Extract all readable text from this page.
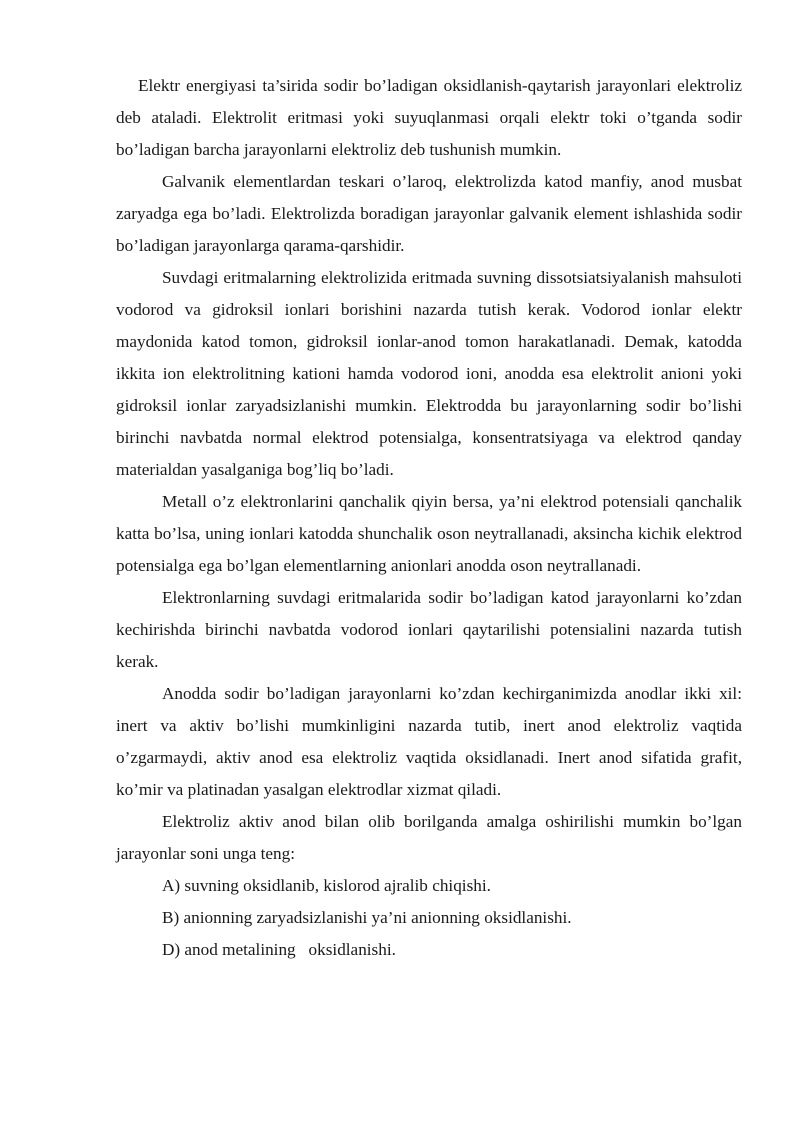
Elektr energiyasi ta’sirida sodir bo’ladigan oksidlanish-qaytarish jarayonlari elektroliz deb ataladi. Elektrolit eritmasi yoki suyuqlanmasi orqali elektr toki o’tganda sodir bo’ladigan barcha jarayonlarni elektroliz deb tushunish mumkin.

Galvanik elementlardan teskari o’laroq, elektrolizda katod manfiy, anod musbat zaryadga ega bo’ladi. Elektrolizda boradigan jarayonlar galvanik element ishlashida sodir bo’ladigan jarayonlarga qarama-qarshidir.

Suvdagi eritmalarning elektrolizida eritmada suvning dissotsiatsiyalanish mahsuloti vodorod va gidroksil ionlari borishini nazarda tutish kerak. Vodorod ionlar elektr maydonida katod tomon, gidroksil ionlar-anod tomon harakatlanadi. Demak, katodda ikkita ion elektrolitning kationi hamda vodorod ioni, anodda esa elektrolit anioni yoki gidroksil ionlar zaryadsizlanishi mumkin. Elektrodda bu jarayonlarning sodir bo’lishi birinchi navbatda normal elektrod potensialga, konsentratsiyaga va elektrod qanday materialdan yasalganiga bog’liq bo’ladi.

Metall o’z elektronlarini qanchalik qiyin bersa, ya’ni elektrod potensiali qanchalik katta bo’lsa, uning ionlari katodda shunchalik oson neytrallanadi, aksincha kichik elektrod potensialga ega bo’lgan elementlarning anionlari anodda oson neytrallanadi.

Elektronlarning suvdagi eritmalarida sodir bo’ladigan katod jarayonlarni ko’zdan kechirishda birinchi navbatda vodorod ionlari qaytarilishi potensialini nazarda tutish kerak.

Anodda sodir bo’ladigan jarayonlarni ko’zdan kechirganimizda anodlar ikki xil: inert va aktiv bo’lishi mumkinligini nazarda tutib, inert anod elektroliz vaqtida o’zgarmaydi, aktiv anod esa elektroliz vaqtida oksidlanadi. Inert anod sifatida grafit, ko’mir va platinadan yasalgan elektrodlar xizmat qiladi.

Elektroliz aktiv anod bilan olib borilganda amalga oshirilishi mumkin bo’lgan jarayonlar soni unga teng:

A) suvning oksidlanib, kislorod ajralib chiqishi.

B) anionning zaryadsizlanishi ya’ni anionning oksidlanishi.

D) anod metalining   oksidlanishi.
